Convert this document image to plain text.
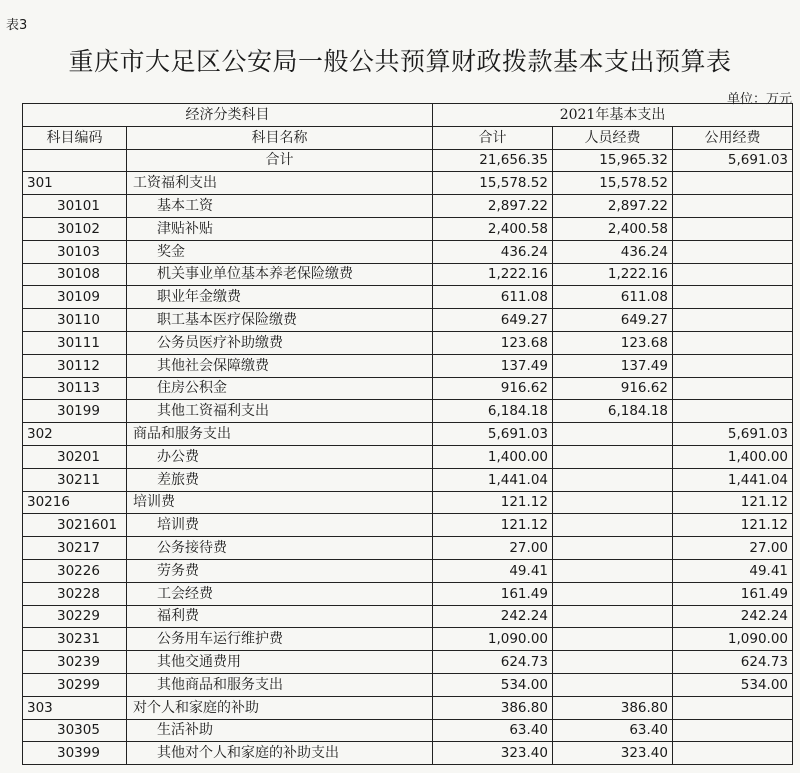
表3
重庆市大足区公安局一般公共预算财政拨款基本支出预算表
单位：万元
经济分类科目		2021年基本支出		
科目编码	科目名称	合计	人员经费	公用经费
	合计	21,656.35	15,965.32	5,691.03
301	工资福利支出	15,578.52	15,578.52	
30101	基本工资	2,897.22	2,897.22	
30102	津贴补贴	2,400.58	2,400.58	
30103	奖金	436.24	436.24	
30108	机关事业单位基本养老保险缴费	1,222.16	1,222.16	
30109	职业年金缴费	611.08	611.08	
30110	职工基本医疗保险缴费	649.27	649.27	
30111	公务员医疗补助缴费	123.68	123.68	
30112	其他社会保障缴费	137.49	137.49	
30113	住房公积金	916.62	916.62	
30199	其他工资福利支出	6,184.18	6,184.18	
302	商品和服务支出	5,691.03		5,691.03
30201	办公费	1,400.00		1,400.00
30211	差旅费	1,441.04		1,441.04
30216	培训费	121.12		121.12
3021601	培训费	121.12		121.12
30217	公务接待费	27.00		27.00
30226	劳务费	49.41		49.41
30228	工会经费	161.49		161.49
30229	福利费	242.24		242.24
30231	公务用车运行维护费	1,090.00		1,090.00
30239	其他交通费用	624.73		624.73
30299	其他商品和服务支出	534.00		534.00
303	对个人和家庭的补助	386.80	386.80	
30305	生活补助	63.40	63.40	
30399	其他对个人和家庭的补助支出	323.40	323.40	
